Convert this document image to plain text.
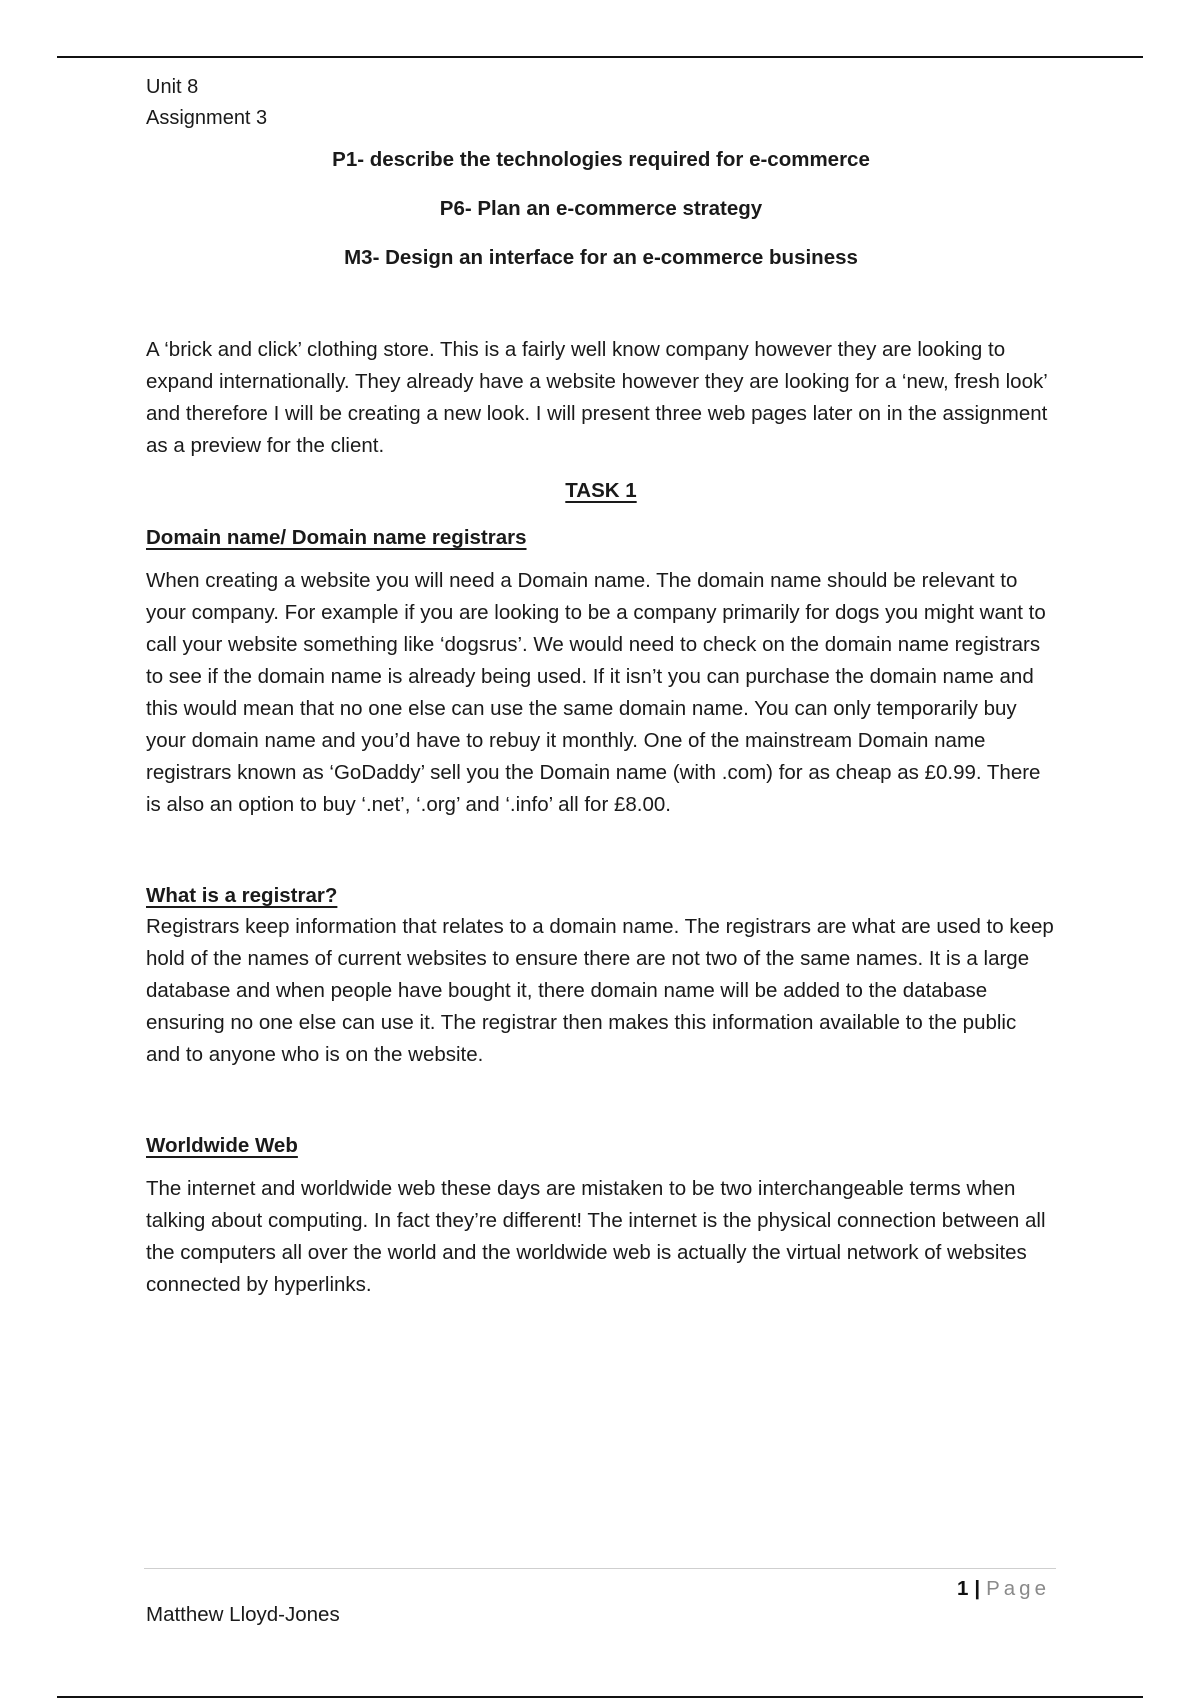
Unit 8
Assignment 3

P1- describe the technologies required for e-commerce

P6- Plan an e-commerce strategy

M3- Design an interface for an e-commerce business

A ‘brick and click’ clothing store. This is a fairly well know company however they are looking to expand internationally. They already have a website however they are looking for a ‘new, fresh look’ and therefore I will be creating a new look. I will present three web pages later on in the assignment as a preview for the client.

TASK 1

Domain name/ Domain name registrars

When creating a website you will need a Domain name. The domain name should be relevant to your company. For example if you are looking to be a company primarily for dogs you might want to call your website something like ‘dogsrus’. We would need to check on the domain name registrars to see if the domain name is already being used. If it isn’t you can purchase the domain name and this would mean that no one else can use the same domain name. You can only temporarily buy your domain name and you’d have to rebuy it monthly. One of the mainstream Domain name registrars known as ‘GoDaddy’ sell you the Domain name (with .com) for as cheap as £0.99. There is also an option to buy ‘.net’, ‘.org’ and ‘.info’ all for £8.00.

What is a registrar?

Registrars keep information that relates to a domain name. The registrars are what are used to keep hold of the names of current websites to ensure there are not two of the same names. It is a large database and when people have bought it, there domain name will be added to the database ensuring no one else can use it. The registrar then makes this information available to the public and to anyone who is on the website.

Worldwide Web

The internet and worldwide web these days are mistaken to be two interchangeable terms when talking about computing. In fact they’re different! The internet is the physical connection between all the computers all over the world and the worldwide web is actually the virtual network of websites connected by hyperlinks.

1 | Page
Matthew Lloyd-Jones
